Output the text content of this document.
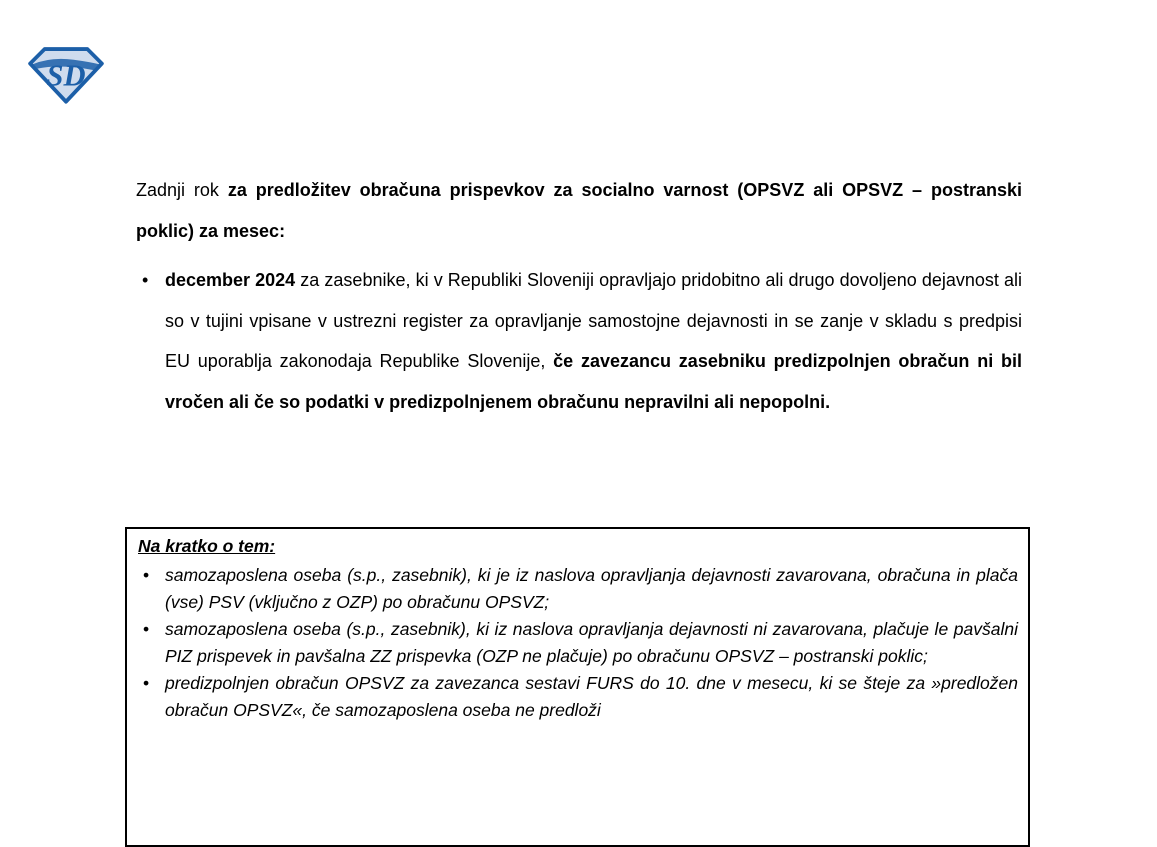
SD

Zadnji rok za predložitev obračuna prispevkov za socialno varnost (OPSVZ ali OPSVZ – postranski poklic) za mesec:

• december 2024 za zasebnike, ki v Republiki Sloveniji opravljajo pridobitno ali drugo dovoljeno dejavnost ali so v tujini vpisane v ustrezni register za opravljanje samostojne dejavnosti in se zanje v skladu s predpisi EU uporablja zakonodaja Republike Slovenije, če zavezancu zasebniku predizpolnjen obračun ni bil vročen ali če so podatki v predizpolnjenem obračunu nepravilni ali nepopolni.

Na kratko o tem:

• samozaposlena oseba (s.p., zasebnik), ki je iz naslova opravljanja dejavnosti zavarovana, obračuna in plača (vse) PSV (vključno z OZP) po obračunu OPSVZ;

• samozaposlena oseba (s.p., zasebnik), ki iz naslova opravljanja dejavnosti ni zavarovana, plačuje le pavšalni PIZ prispevek in pavšalna ZZ prispevka (OZP ne plačuje) po obračunu OPSVZ – postranski poklic;

• predizpolnjen obračun OPSVZ za zavezanca sestavi FURS do 10. dne v mesecu, ki se šteje za »predložen obračun OPSVZ«, če samozaposlena oseba ne predloži
